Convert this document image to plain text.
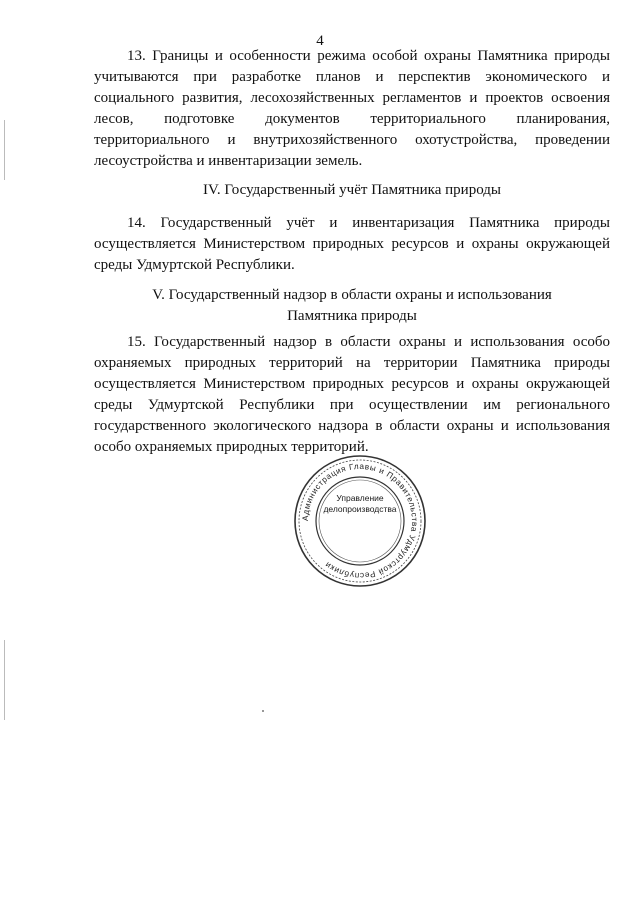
4

13. Границы и особенности режима особой охраны Памятника природы учитываются при разработке планов и перспектив экономического и социального развития, лесохозяйственных регламентов и проектов освоения лесов, подготовке документов территориального планирования, территориального и внутрихозяйственного охотустройства, проведении лесоустройства и инвентаризации земель.

IV. Государственный учёт Памятника природы

14. Государственный учёт и инвентаризация Памятника природы осуществляется Министерством природных ресурсов и охраны окружающей среды Удмуртской Республики.

V. Государственный надзор в области охраны и использования
Памятника природы

15. Государственный надзор в области охраны и использования особо охраняемых природных территорий на территории Памятника природы осуществляется Министерством природных ресурсов и охраны окружающей среды Удмуртской Республики при осуществлении им регионального государственного экологического надзора в области охраны и использования особо охраняемых природных территорий.

Администрация Главы и Правительства Удмуртской Республики
Управление
делопроизводства
